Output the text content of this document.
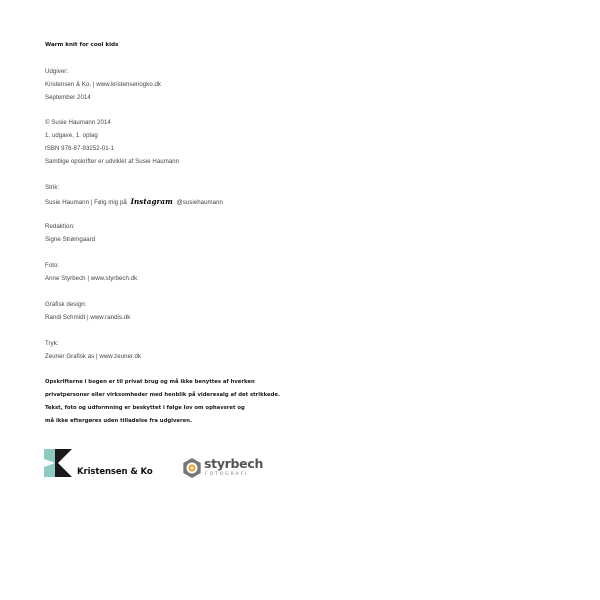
Warm knit for cool kids
Udgiver:
Kristensen & Ko. | www.kristensenogko.dk
September 2014
© Susie Haumann 2014
1. udgave, 1. oplag
ISBN 978-87-93252-01-1
Samtlige opskrifter er udviklet af Susie Haumann
Strik:
Susie Haumann | Følg mig på Instagram @susiehaumann
Redaktion:
Signe Strømgaard
Foto:
Anne Styrbech | www.styrbech.dk
Grafisk design:
Randi Schmidt | www.randis.dk
Tryk:
Zeuner Grafisk as | www.zeuner.dk
Opskrifterne i bogen er til privat brug og må ikke benyttes af hverken
privatpersoner eller virksomheder med henblik på videresalg af det strikkede.
Tekst, foto og udformning er beskyttet i følge lov om ophavsret og
må ikke eftergøres uden tilladelse fra udgiveren.
Kristensen & Ko
styrbech
FOTOGRAFI
